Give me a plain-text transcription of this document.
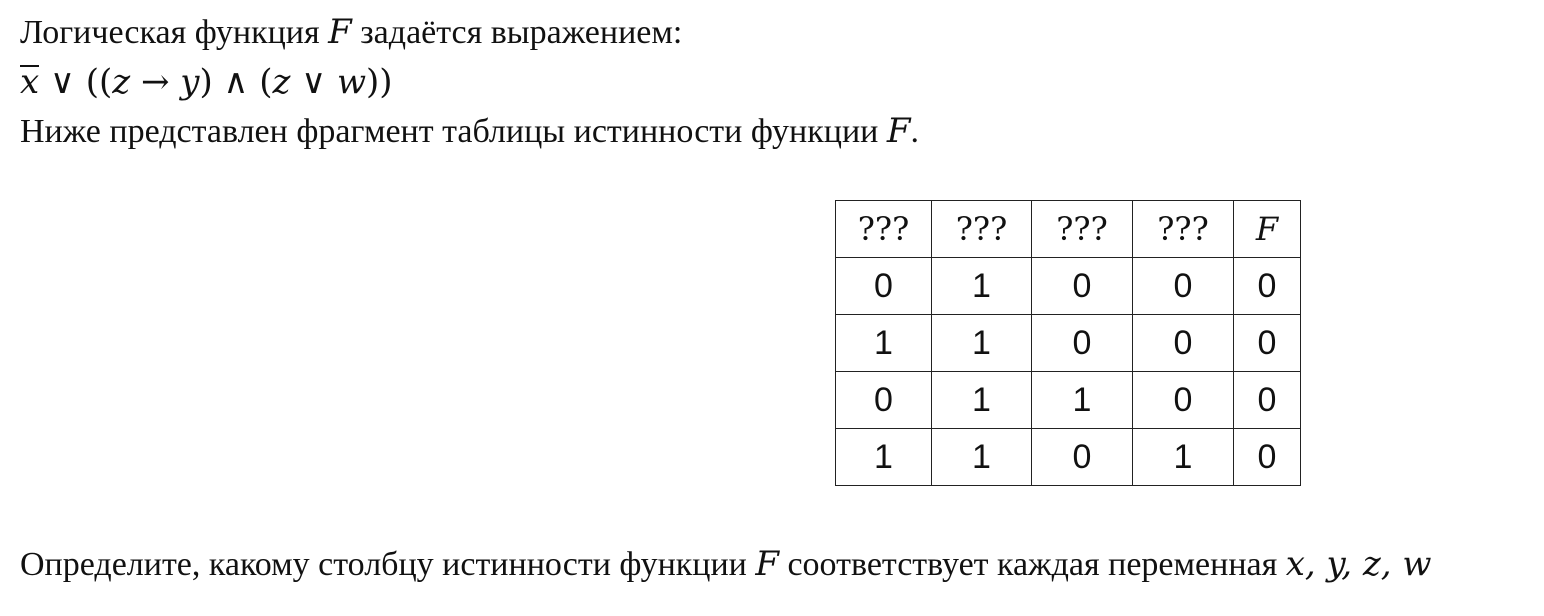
Логическая функция F задаётся выражением:
x ∨ ((z → y) ∧ (z ∨ w))
Ниже представлен фрагмент таблицы истинности функции F.
???	???	???	???	F
0	1	0	0	0
1	1	0	0	0
0	1	1	0	0
1	1	0	1	0
Определите, какому столбцу истинности функции F соответствует каждая переменная x, y, z, w
